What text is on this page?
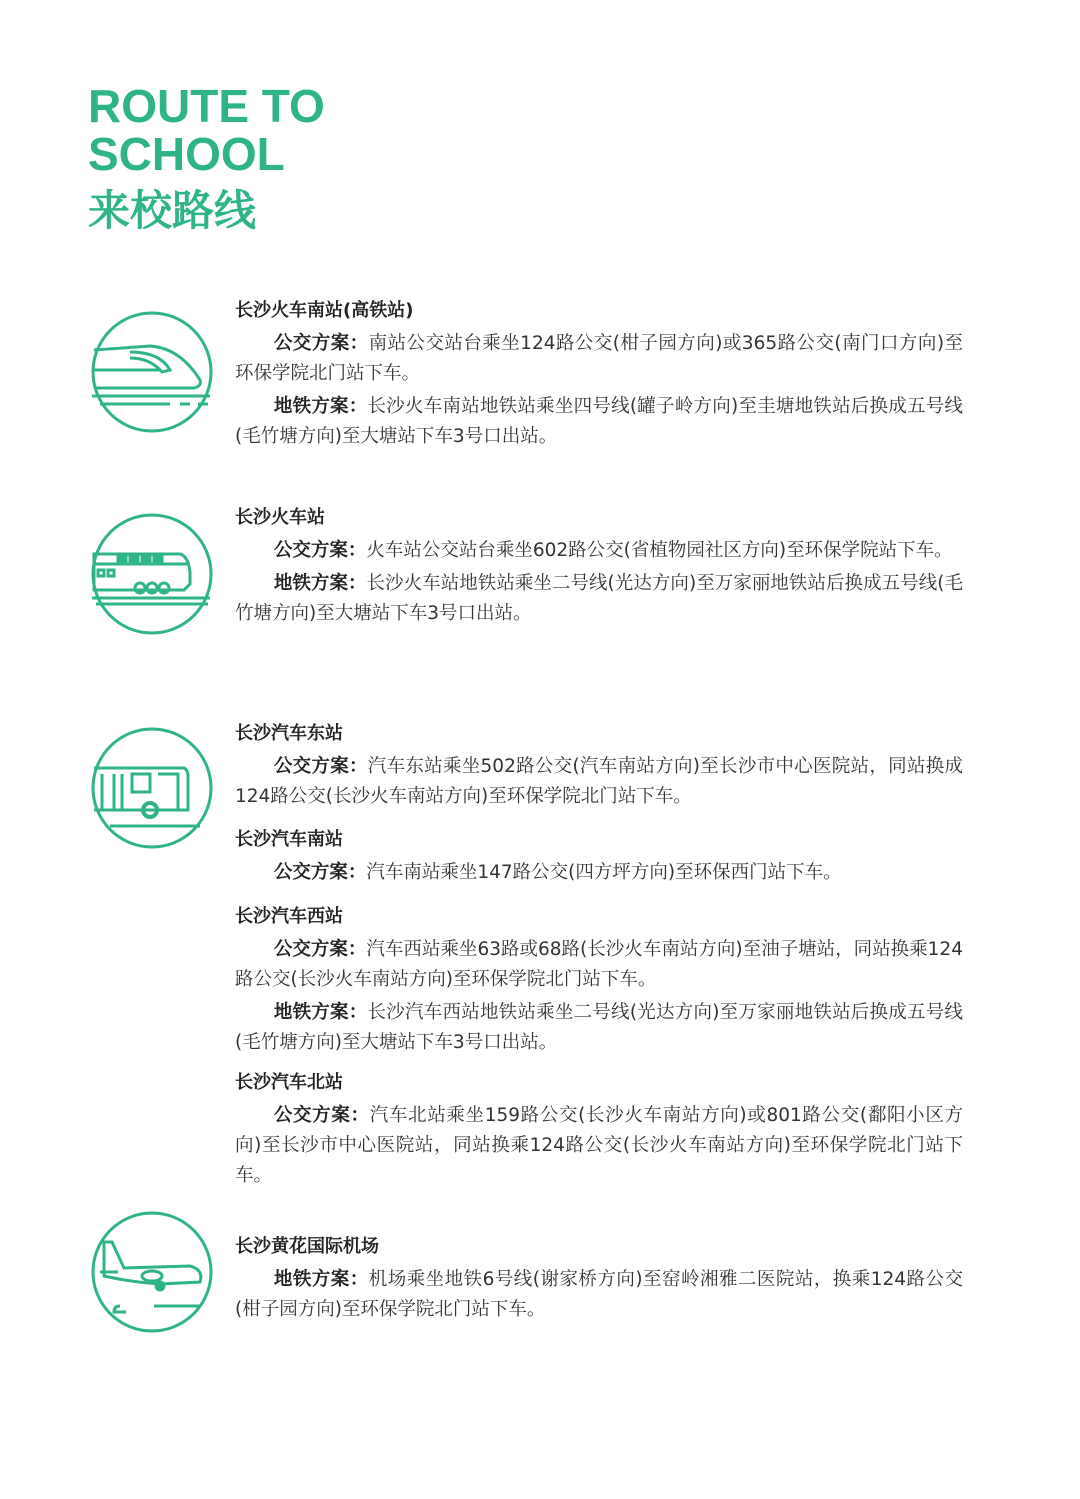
ROUTE TO
SCHOOL
来校路线
长沙火车南站(高铁站)

公交方案：南站公交站台乘坐124路公交(柑子园方向)或365路公交(南门口方向)至环保学院北门站下车。

地铁方案：长沙火车南站地铁站乘坐四号线(罐子岭方向)至圭塘地铁站后换成五号线(毛竹塘方向)至大塘站下车3号口出站。

长沙火车站

公交方案：火车站公交站台乘坐602路公交(省植物园社区方向)至环保学院站下车。

地铁方案：长沙火车站地铁站乘坐二号线(光达方向)至万家丽地铁站后换成五号线(毛竹塘方向)至大塘站下车3号口出站。

长沙汽车东站

公交方案：汽车东站乘坐502路公交(汽车南站方向)至长沙市中心医院站，同站换成124路公交(长沙火车南站方向)至环保学院北门站下车。

长沙汽车南站

公交方案：汽车南站乘坐147路公交(四方坪方向)至环保西门站下车。

长沙汽车西站

公交方案：汽车西站乘坐63路或68路(长沙火车南站方向)至油子塘站，同站换乘124路公交(长沙火车南站方向)至环保学院北门站下车。

地铁方案：长沙汽车西站地铁站乘坐二号线(光达方向)至万家丽地铁站后换成五号线(毛竹塘方向)至大塘站下车3号口出站。

长沙汽车北站

公交方案：汽车北站乘坐159路公交(长沙火车南站方向)或801路公交(鄱阳小区方向)至长沙市中心医院站，同站换乘124路公交(长沙火车南站方向)至环保学院北门站下车。

长沙黄花国际机场

地铁方案：机场乘坐地铁6号线(谢家桥方向)至窑岭湘雅二医院站，换乘124路公交(柑子园方向)至环保学院北门站下车。
